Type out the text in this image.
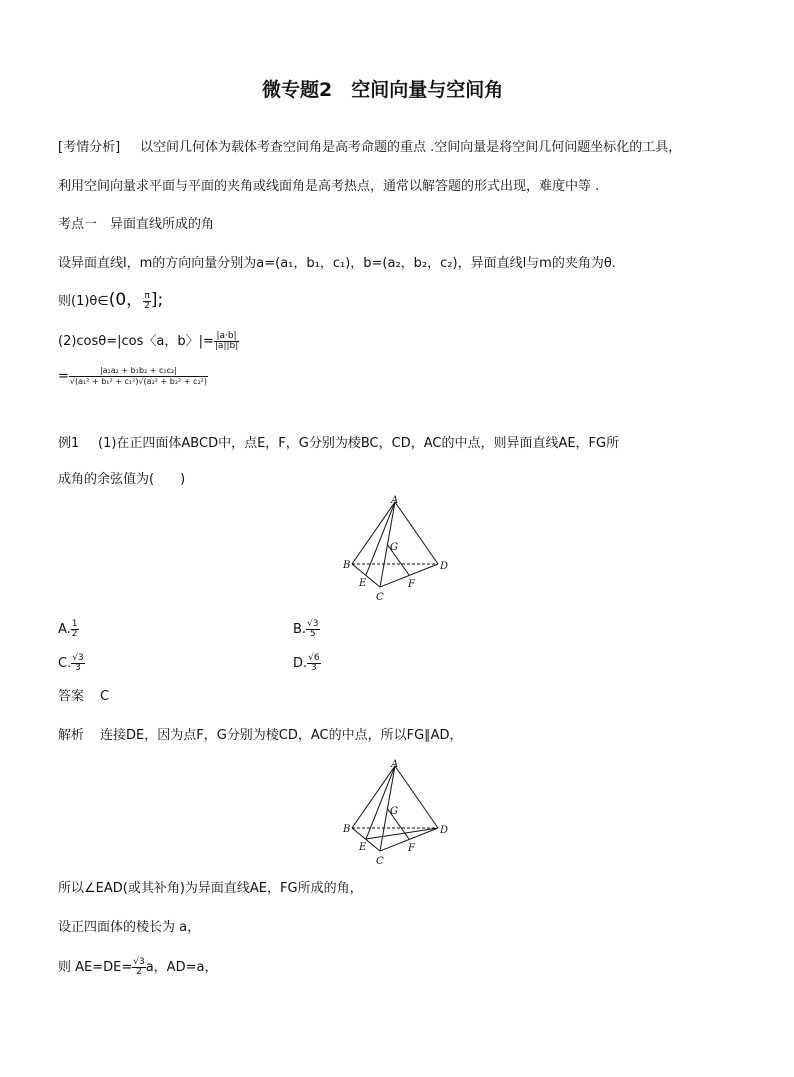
微专题2　空间向量与空间角
[考情分析] 以空间几何体为载体考查空间角是高考命题的重点 .空间向量是将空间几何问题坐标化的工具，
利用空间向量求平面与平面的夹角或线面角是高考热点，通常以解答题的形式出现，难度中等 .
考点一　异面直线所成的角
设异面直线l，m的方向向量分别为a=(a₁，b₁，c₁)，b=(a₂，b₂，c₂)，异面直线l与m的夹角为θ.
则(1)θ∈(0， $\frac{\pi}{2}$ ];
(2)cosθ=|cos〈a，b〉|= $\frac{|a\cdot b|}{|a||b|}$
= $\frac{\text{|a₁a₂ + b₁b₂ + c₁c₂|}}{\text{√(a₁² + b₁² + c₁²)√(a₂² + b₂² + c₂²)}}$
例1 (1)在正四面体ABCD中，点E，F，G分别为棱BC，CD，AC的中点，则异面直线AE，FG所
成角的余弦值为(　　)
A
B
C
D
E	F
G
A. $\frac{1}{2}$	B. $\frac{√3}{5}$
C. $\frac{√3}{3}$	D. $\frac{√6}{3}$
答案 C
解析 连接DE，因为点F，G分别为棱CD，AC的中点，所以FG∥AD，
A
B
C
D
E	F
G
所以∠EAD(或其补角)为异面直线AE，FG所成的角，
设正四面体的棱长为 a，
则 $AE=DE= \frac{√3}{2}$ a，AD=a，
